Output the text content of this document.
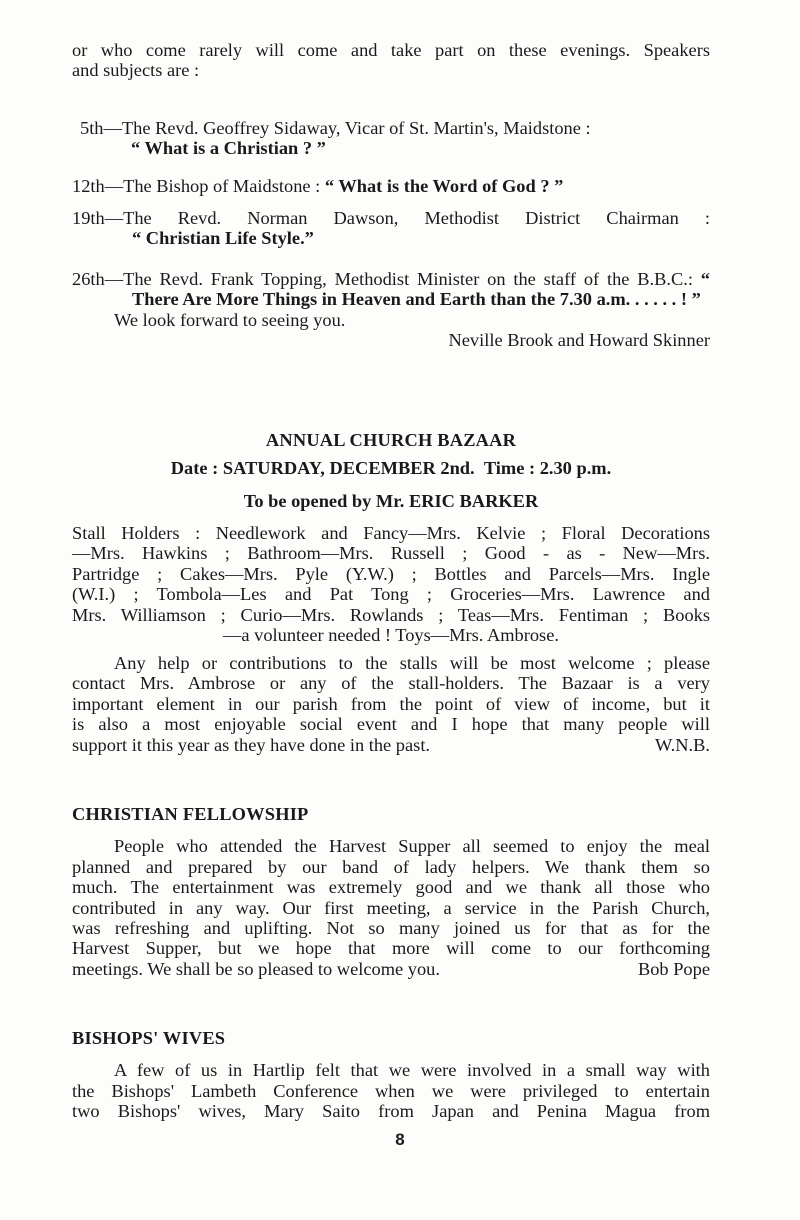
or who come rarely will come and take part on these evenings. Speakers

and subjects are :

5th—The Revd. Geoffrey Sidaway, Vicar of St. Martin's, Maidstone :

“ What is a Christian ? ”

12th—The Bishop of Maidstone : “ What is the Word of God ? ”

19th—The Revd. Norman Dawson, Methodist District Chairman :

“ Christian Life Style.”

26th—The Revd. Frank Topping, Methodist Minister on the staff of the B.B.C.: “ There Are More Things in Heaven and Earth than the 7.30 a.m. . . . . . ! ”

We look forward to seeing you.

Neville Brook and Howard Skinner

ANNUAL CHURCH BAZAAR

Date : SATURDAY, DECEMBER 2nd. Time : 2.30 p.m.

To be opened by Mr. ERIC BARKER

Stall Holders : Needlework and Fancy—Mrs. Kelvie ; Floral Decorations

—Mrs. Hawkins ; Bathroom—Mrs. Russell ; Good - as - New—Mrs.

Partridge ; Cakes—Mrs. Pyle (Y.W.) ; Bottles and Parcels—Mrs. Ingle

(W.I.) ; Tombola—Les and Pat Tong ; Groceries—Mrs. Lawrence and

Mrs. Williamson ; Curio—Mrs. Rowlands ; Teas—Mrs. Fentiman ; Books

—a volunteer needed ! Toys—Mrs. Ambrose.

Any help or contributions to the stalls will be most welcome ; please

contact Mrs. Ambrose or any of the stall-holders. The Bazaar is a very

important element in our parish from the point of view of income, but it

is also a most enjoyable social event and I hope that many people will

support it this year as they have done in the past.	W.N.B.

CHRISTIAN FELLOWSHIP

People who attended the Harvest Supper all seemed to enjoy the meal

planned and prepared by our band of lady helpers. We thank them so

much. The entertainment was extremely good and we thank all those who

contributed in any way. Our first meeting, a service in the Parish Church,

was refreshing and uplifting. Not so many joined us for that as for the

Harvest Supper, but we hope that more will come to our forthcoming

meetings. We shall be so pleased to welcome you.	Bob Pope

BISHOPS' WIVES

A few of us in Hartlip felt that we were involved in a small way with

the Bishops' Lambeth Conference when we were privileged to entertain

two Bishops' wives, Mary Saito from Japan and Penina Magua from

8
